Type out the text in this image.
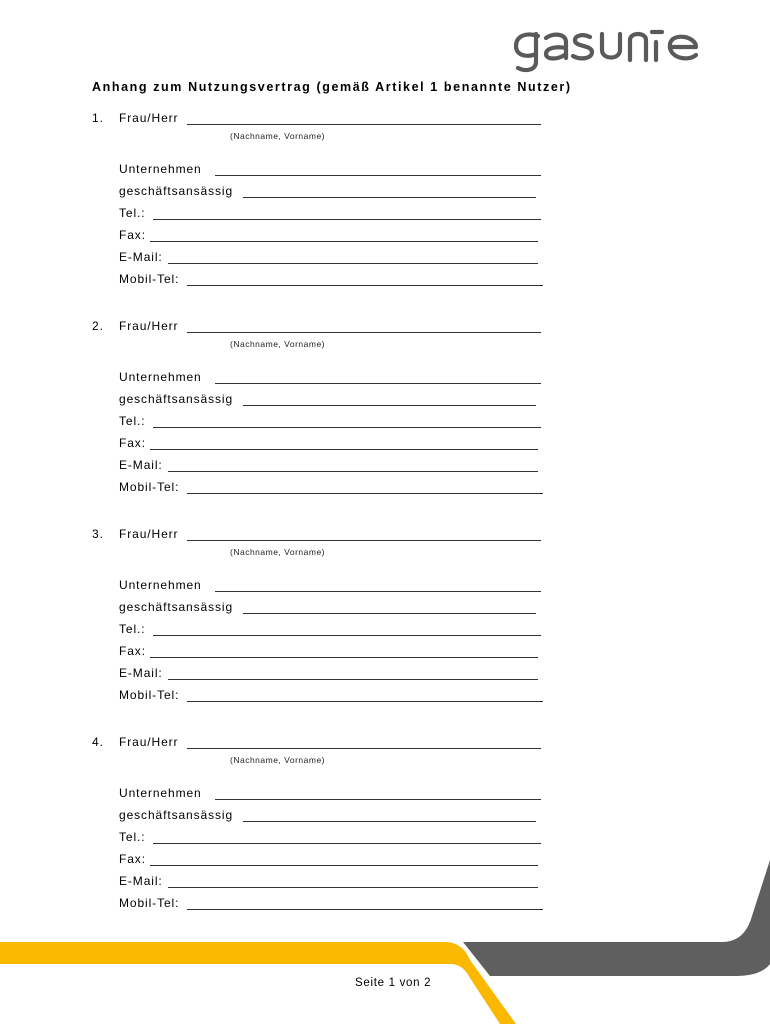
Anhang zum Nutzungsvertrag (gemäß Artikel 1 benannte Nutzer)
1. Frau/Herr
(Nachname, Vorname)
Unternehmen
geschäftsansässig
Tel.:
Fax:
E-Mail:
Mobil-Tel:
2. Frau/Herr
(Nachname, Vorname)
Unternehmen
geschäftsansässig
Tel.:
Fax:
E-Mail:
Mobil-Tel:
3. Frau/Herr
(Nachname, Vorname)
Unternehmen
geschäftsansässig
Tel.:
Fax:
E-Mail:
Mobil-Tel:
4. Frau/Herr
(Nachname, Vorname)
Unternehmen
geschäftsansässig
Tel.:
Fax:
E-Mail:
Mobil-Tel:
Seite 1 von 2
